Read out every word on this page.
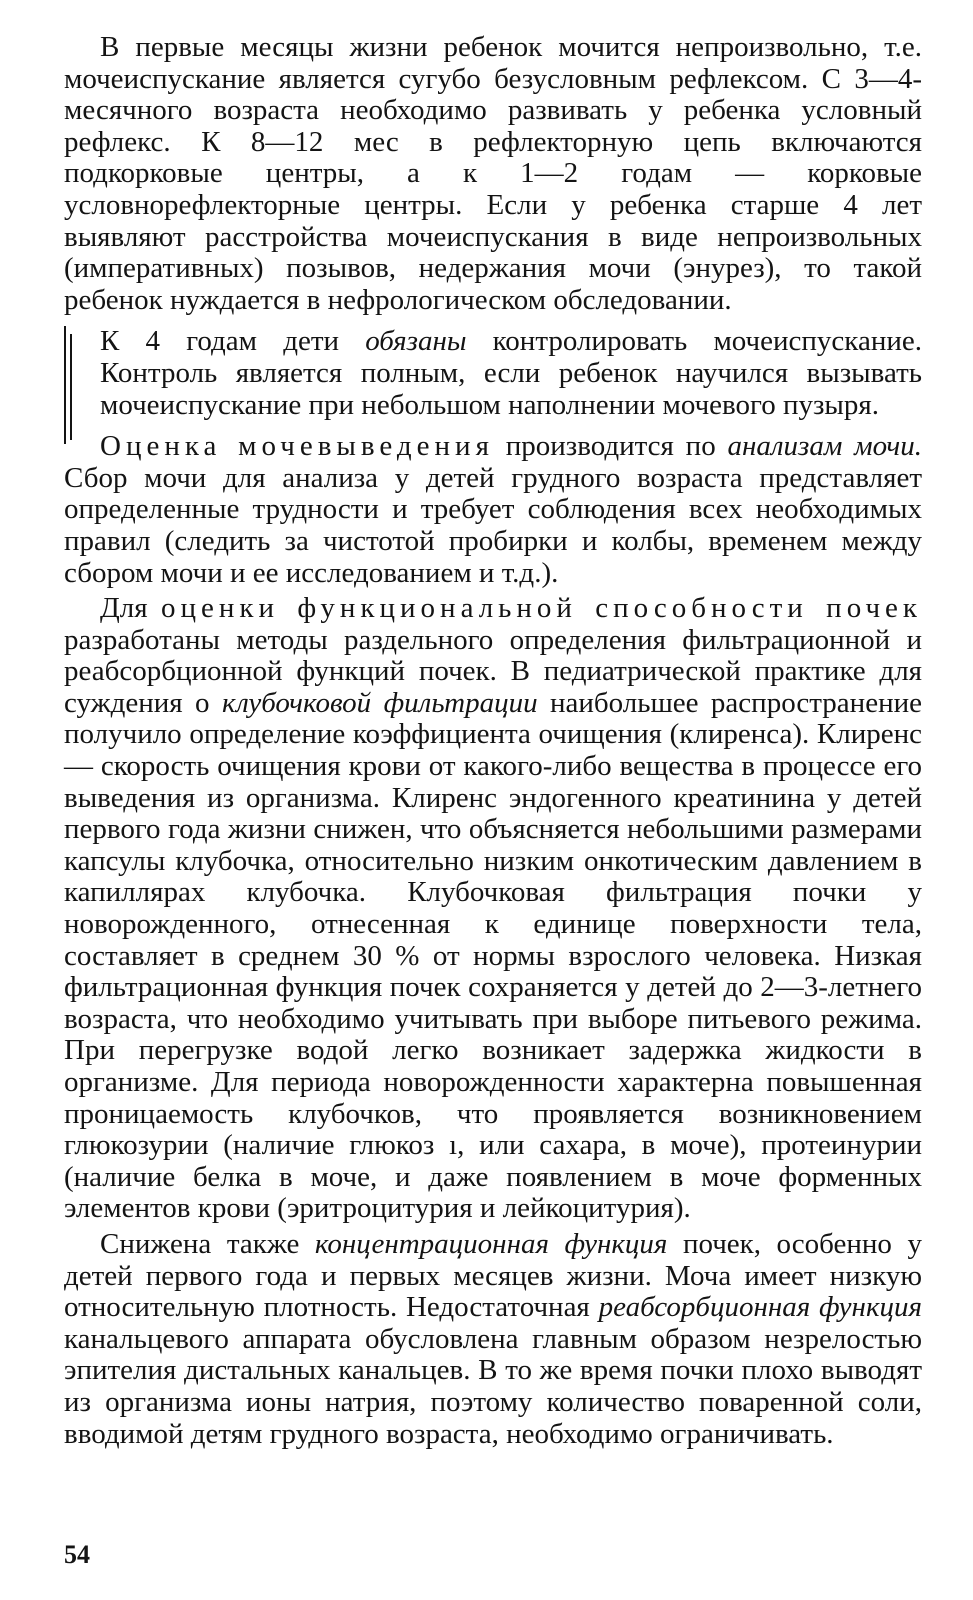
В первые месяцы жизни ребенок мочится непроизвольно, т.е. мочеиспускание является сугубо безусловным рефлексом. С 3—4-месячного возраста необходимо развивать у ребенка условный рефлекс. К 8—12 мес в рефлекторную цепь включаются подкорковые центры, а к 1—2 годам — корковые условнорефлекторные центры. Если у ребенка старше 4 лет выявляют расстройства мочеиспускания в виде непроизвольных (императивных) позывов, недержания мочи (энурез), то такой ребенок нуждается в нефрологическом обследовании.

К 4 годам дети обязаны контролировать мочеиспускание. Контроль является полным, если ребенок научился вызывать мочеиспускание при небольшом наполнении мочевого пузыря.

Оценка мочевыведения производится по анализам мочи. Сбор мочи для анализа у детей грудного возраста представляет определенные трудности и требует соблюдения всех необходимых правил (следить за чистотой пробирки и колбы, временем между сбором мочи и ее исследованием и т.д.).

Для оценки функциональной способности почек разработаны методы раздельного определения фильтрационной и реабсорбционной функций почек. В педиатрической практике для суждения о клубочковой фильтрации наибольшее распространение получило определение коэффициента очищения (клиренса). Клиренс — скорость очищения крови от какого-либо вещества в процессе его выведения из организма. Клиренс эндогенного креатинина у детей первого года жизни снижен, что объясняется небольшими размерами капсулы клубочка, относительно низким онкотическим давлением в капиллярах клубочка. Клубочковая фильтрация почки у новорожденного, отнесенная к единице поверхности тела, составляет в среднем 30 % от нормы взрослого человека. Низкая фильтрационная функция почек сохраняется у детей до 2—3-летнего возраста, что необходимо учитывать при выборе питьевого режима. При перегрузке водой легко возникает задержка жидкости в организме. Для периода новорожденности характерна повышенная проницаемость клубочков, что проявляется возникновением глюкозурии (наличие глюкоз ı, или сахара, в моче), протеинурии (наличие белка в моче, и даже появлением в моче форменных элементов крови (эритроцитурия и лейкоцитурия).

Снижена также концентрационная функция почек, особенно у детей первого года и первых месяцев жизни. Моча имеет низкую относительную плотность. Недостаточная реабсорбционная функция канальцевого аппарата обусловлена главным образом незрелостью эпителия дистальных канальцев. В то же время почки плохо выводят из организма ионы натрия, поэтому количество поваренной соли, вводимой детям грудного возраста, необходимо ограничивать.

54
